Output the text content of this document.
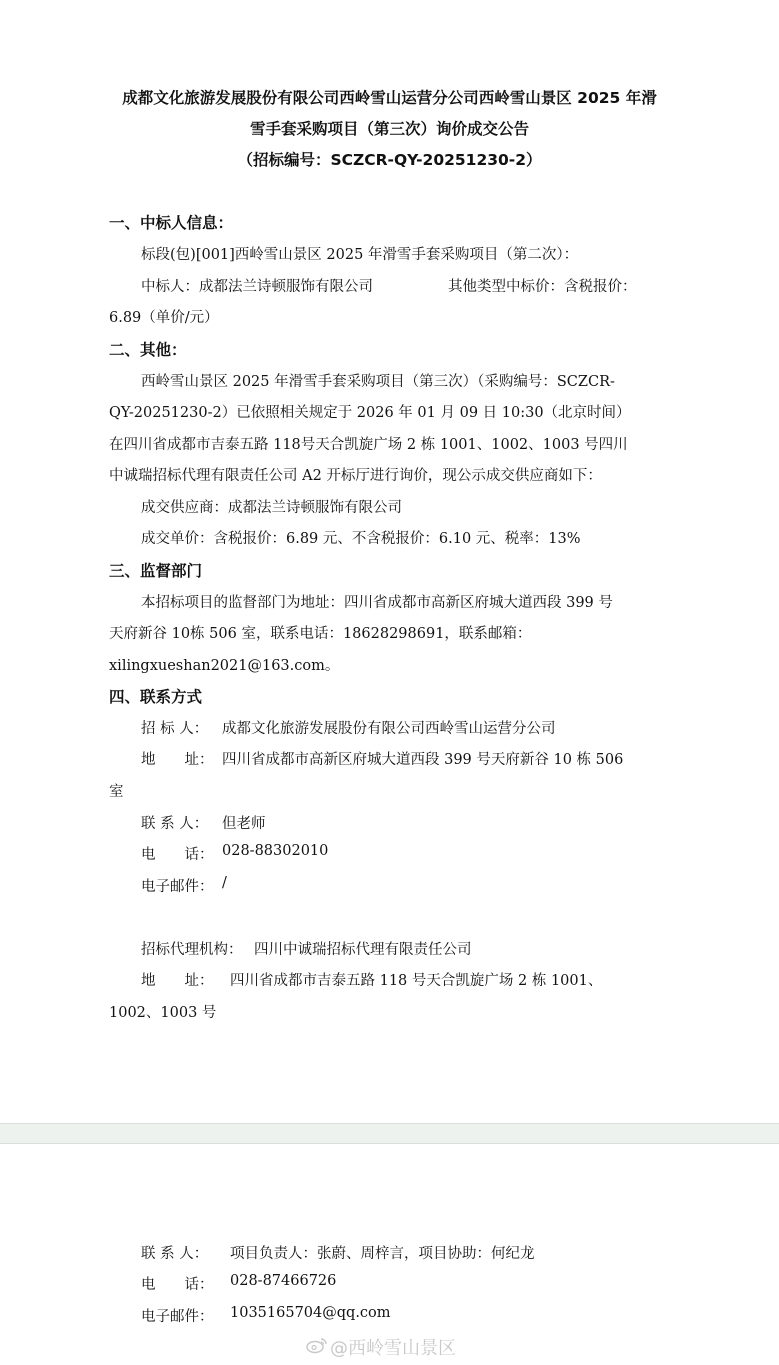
成都文化旅游发展股份有限公司西岭雪山运营分公司西岭雪山景区 2025 年滑
雪手套采购项目（第三次）询价成交公告
（招标编号：SCZCR-QY-20251230-2）
一、中标人信息：
标段(包)[001]西岭雪山景区 2025 年滑雪手套采购项目（第二次）：
中标人：成都法兰诗顿服饰有限公司	其他类型中标价：含税报价：
6.89（单价/元）
二、其他：
西岭雪山景区 2025 年滑雪手套采购项目（第三次）（采购编号：SCZCR-
QY-20251230-2）已依照相关规定于 2026 年 01 月 09 日 10:30（北京时间）
在四川省成都市吉泰五路 118号天合凯旋广场 2 栋 1001、1002、1003 号四川
中诚瑞招标代理有限责任公司 A2 开标厅进行询价，现公示成交供应商如下：
成交供应商：成都法兰诗顿服饰有限公司
成交单价：含税报价：6.89 元、不含税报价：6.10 元、税率：13%
三、监督部门
本招标项目的监督部门为地址：四川省成都市高新区府城大道西段 399 号
天府新谷 10栋 506 室，联系电话：18628298691，联系邮箱：
xilingxueshan2021@163.com。
四、联系方式
招 标 人： 成都文化旅游发展股份有限公司西岭雪山运营分公司
地　　址： 四川省成都市高新区府城大道西段 399 号天府新谷 10 栋 506
室
联 系 人： 但老师
电　　话： 028-88302010
电子邮件： /
招标代理机构： 四川中诚瑞招标代理有限责任公司
地　　址： 四川省成都市吉泰五路 118 号天合凯旋广场 2 栋 1001、
1002、1003 号
联 系 人： 项目负责人：张蔚、周梓言，项目协助：何纪龙
电　　话： 028-87466726
电子邮件： 1035165704@qq.com
@西岭雪山景区
